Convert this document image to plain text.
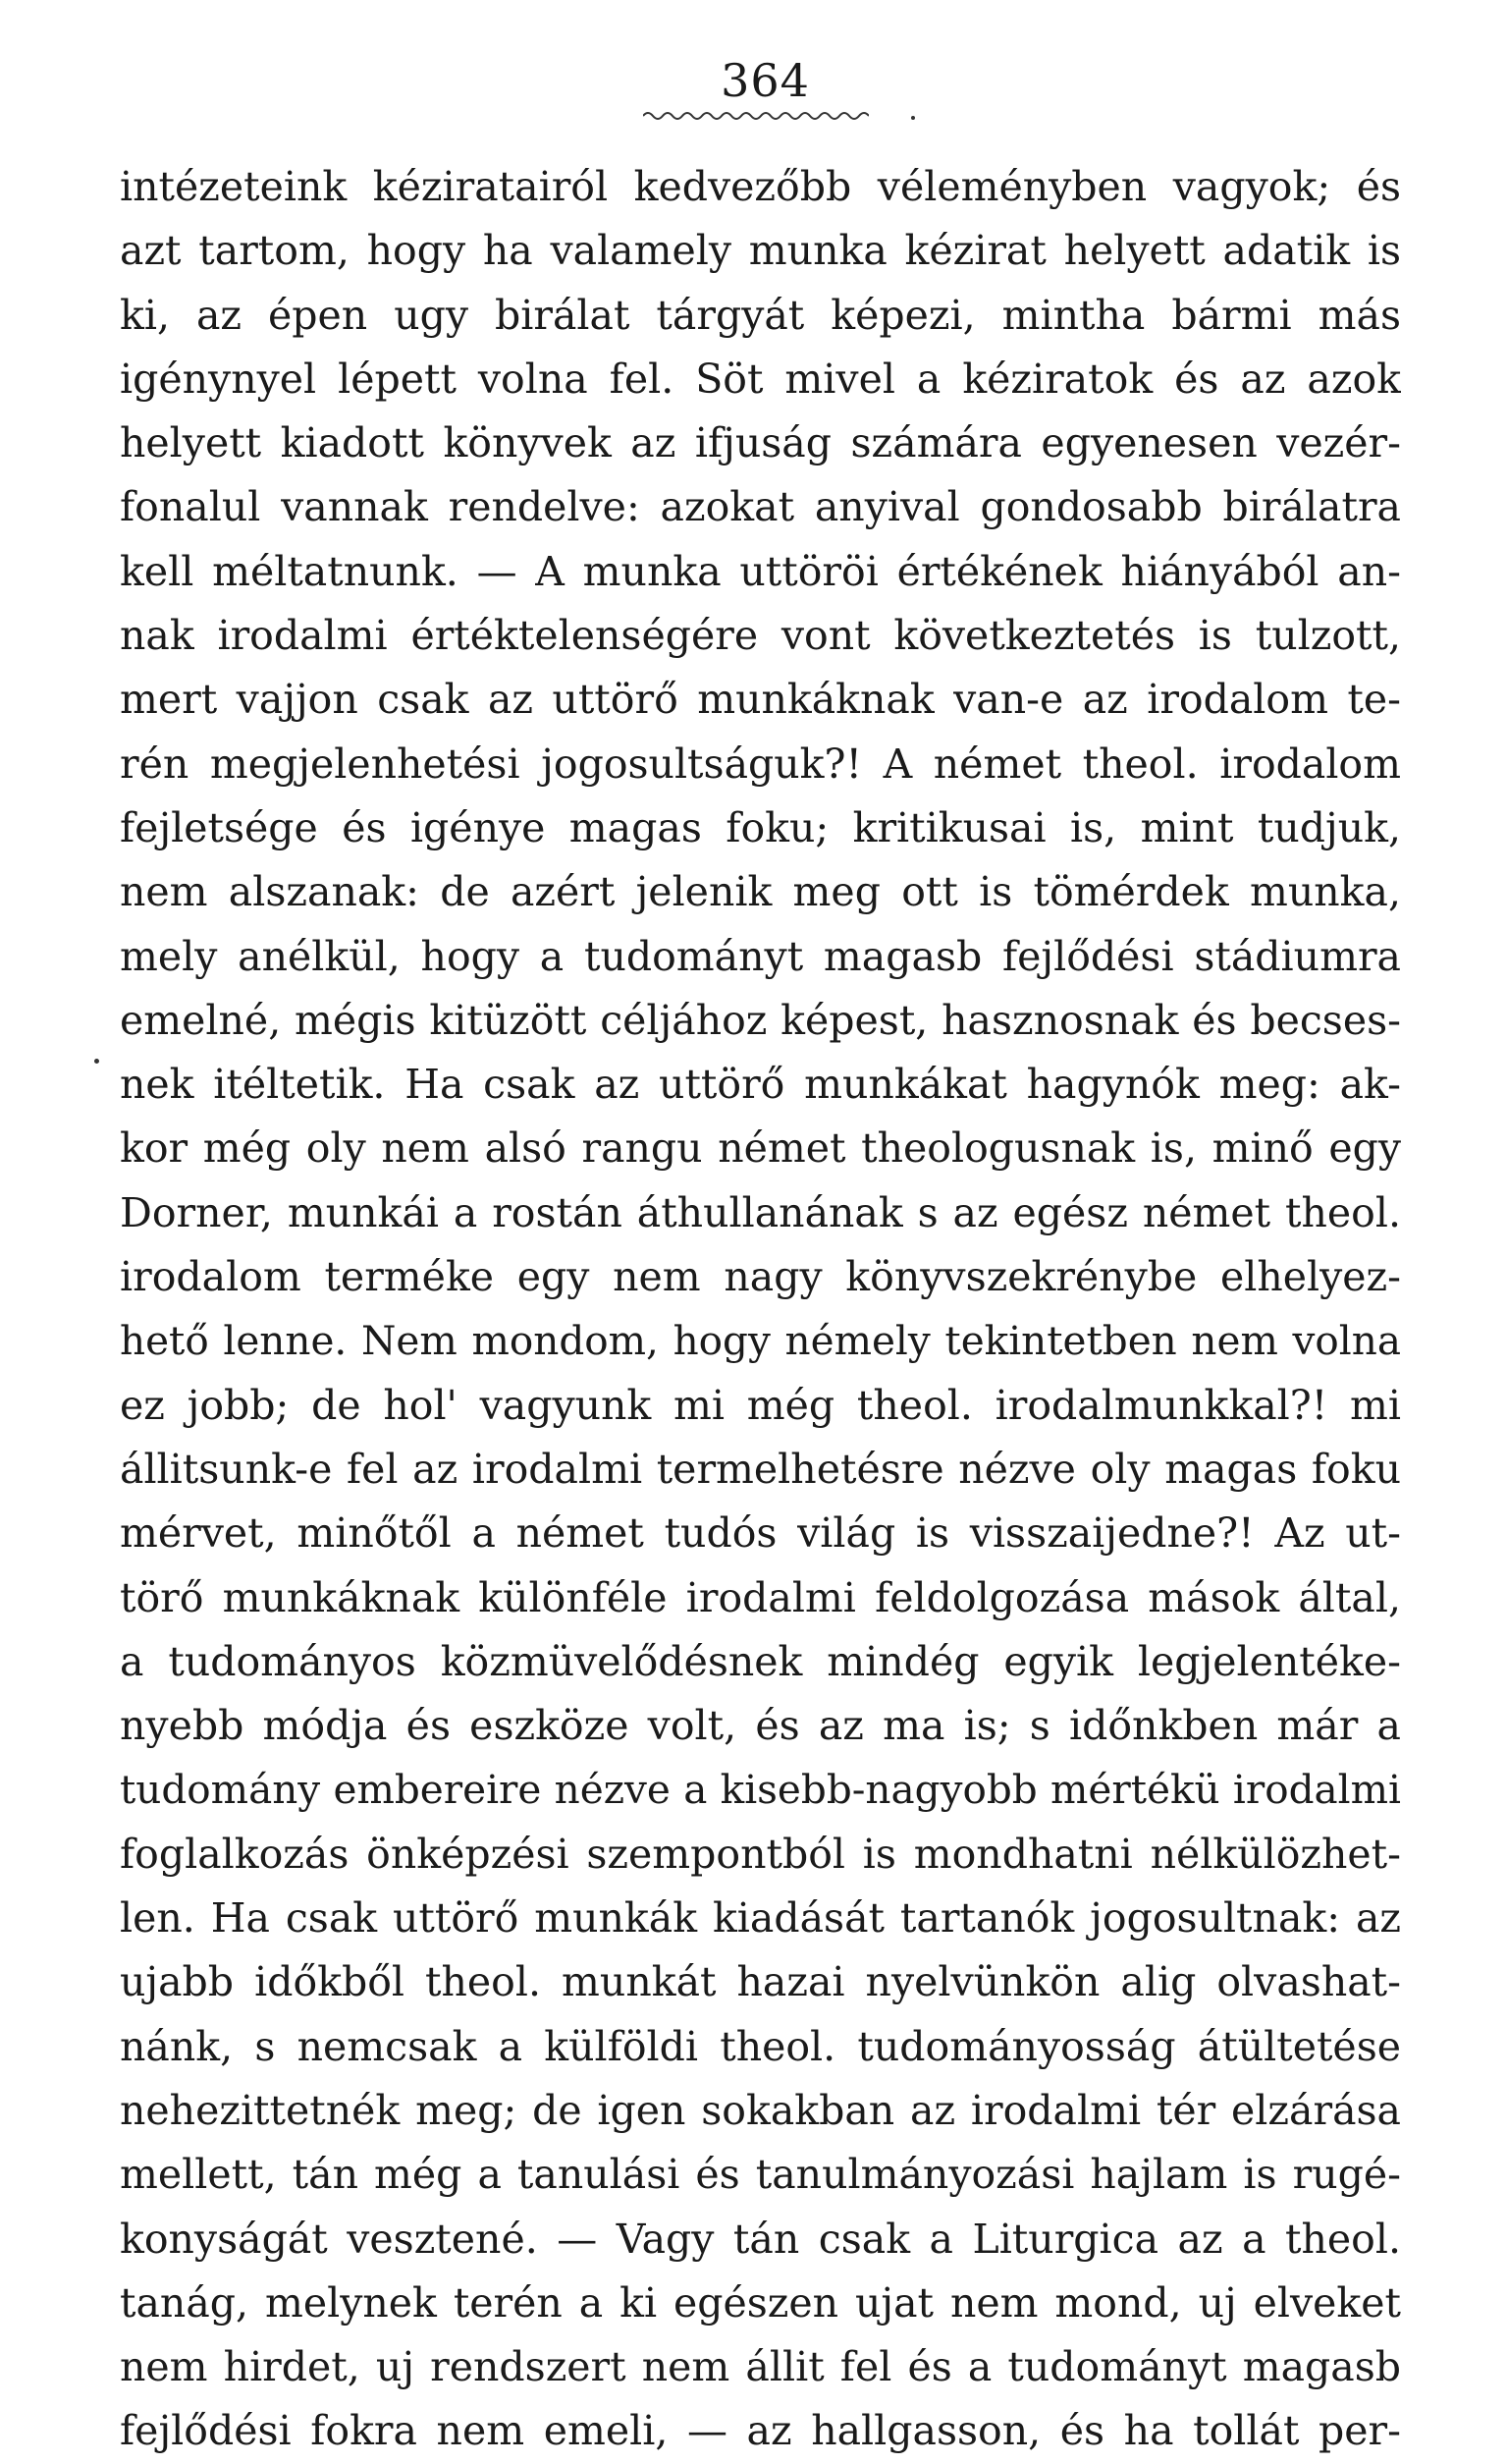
364
intézeteink kéziratairól kedvezőbb véleményben vagyok; és
azt tartom, hogy ha valamely munka kézirat helyett adatik is
ki, az épen ugy birálat tárgyát képezi, mintha bármi más
igénynyel lépett volna fel. Söt mivel a kéziratok és az azok
helyett kiadott könyvek az ifjuság számára egyenesen vezér-
fonalul vannak rendelve: azokat anyival gondosabb birálatra
kell méltatnunk. — A munka uttöröi értékének hiányából an-
nak irodalmi értéktelenségére vont következtetés is tulzott,
mert vajjon csak az uttörő munkáknak van-e az irodalom te-
rén megjelenhetési jogosultságuk?! A német theol. irodalom
fejletsége és igénye magas foku; kritikusai is, mint tudjuk,
nem alszanak: de azért jelenik meg ott is tömérdek munka,
mely anélkül, hogy a tudományt magasb fejlődési stádiumra
emelné, mégis kitüzött céljához képest, hasznosnak és becses-
nek itéltetik. Ha csak az uttörő munkákat hagynók meg: ak-
kor még oly nem alsó rangu német theologusnak is, minő egy
Dorner, munkái a rostán áthullanának s az egész német theol.
irodalom terméke egy nem nagy könyvszekrénybe elhelyez-
hető lenne. Nem mondom, hogy némely tekintetben nem volna
ez jobb; de hol' vagyunk mi még theol. irodalmunkkal?! mi
állitsunk-e fel az irodalmi termelhetésre nézve oly magas foku
mérvet, minőtől a német tudós világ is visszaijedne?! Az ut-
törő munkáknak különféle irodalmi feldolgozása mások által,
a tudományos közmüvelődésnek mindég egyik legjelentéke-
nyebb módja és eszköze volt, és az ma is; s időnkben már a
tudomány embereire nézve a kisebb-nagyobb mértékü irodalmi
foglalkozás önképzési szempontból is mondhatni nélkülözhet-
len. Ha csak uttörő munkák kiadását tartanók jogosultnak: az
ujabb időkből theol. munkát hazai nyelvünkön alig olvashat-
nánk, s nemcsak a külföldi theol. tudományosság átültetése
nehezittetnék meg; de igen sokakban az irodalmi tér elzárása
mellett, tán még a tanulási és tanulmányozási hajlam is rugé-
konyságát vesztené. — Vagy tán csak a Liturgica az a theol.
tanág, melynek terén a ki egészen ujat nem mond, uj elveket
nem hirdet, uj rendszert nem állit fel és a tudományt magasb
fejlődési fokra nem emeli, — az hallgasson, és ha tollát per-
